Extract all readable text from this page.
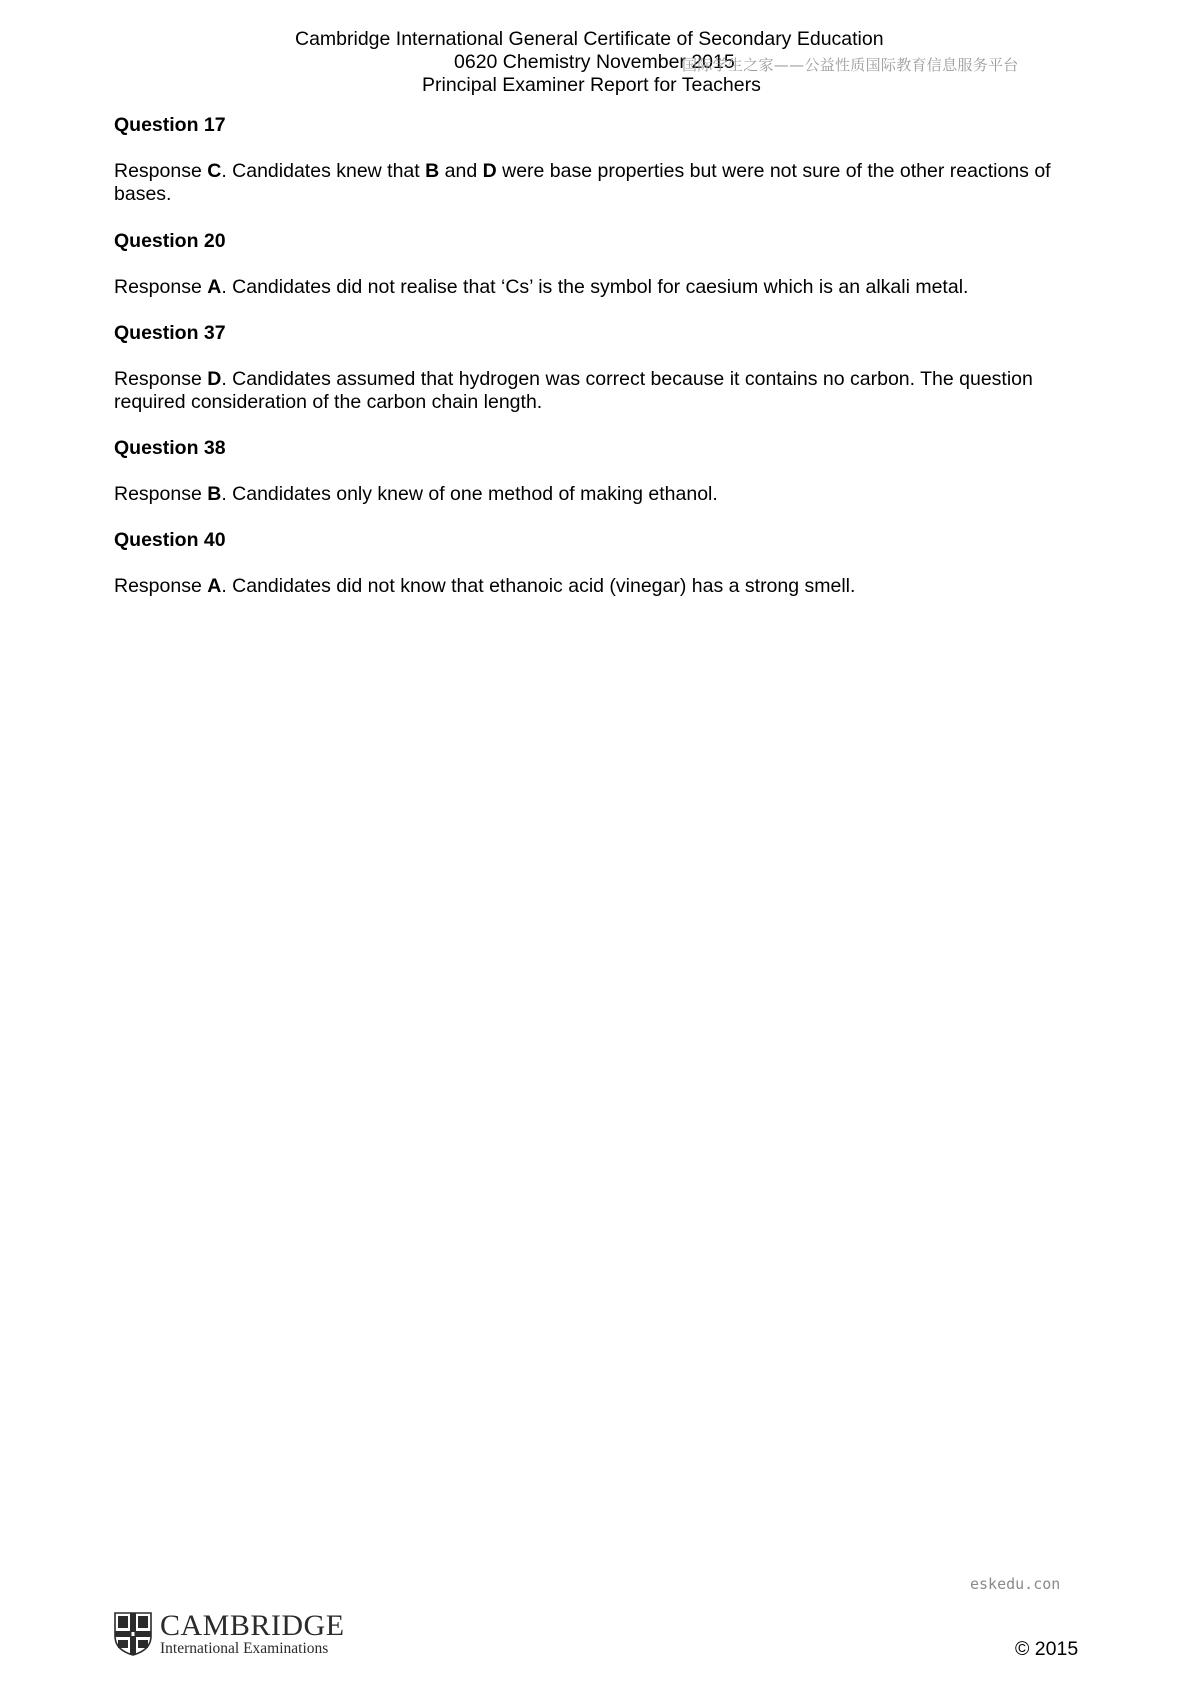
Cambridge International General Certificate of Secondary Education
0620 Chemistry November 2015
Principal Examiner Report for Teachers
国际学生之家——公益性质国际教育信息服务平台
Question 17
Response C. Candidates knew that B and D were base properties but were not sure of the other reactions of bases.
Question 20
Response A. Candidates did not realise that ‘Cs’ is the symbol for caesium which is an alkali metal.
Question 37
Response D. Candidates assumed that hydrogen was correct because it contains no carbon. The question required consideration of the carbon chain length.
Question 38
Response B. Candidates only knew of one method of making ethanol.
Question 40
Response A. Candidates did not know that ethanoic acid (vinegar) has a strong smell.
eskedu.con
CAMBRIDGE
International Examinations	© 2015
